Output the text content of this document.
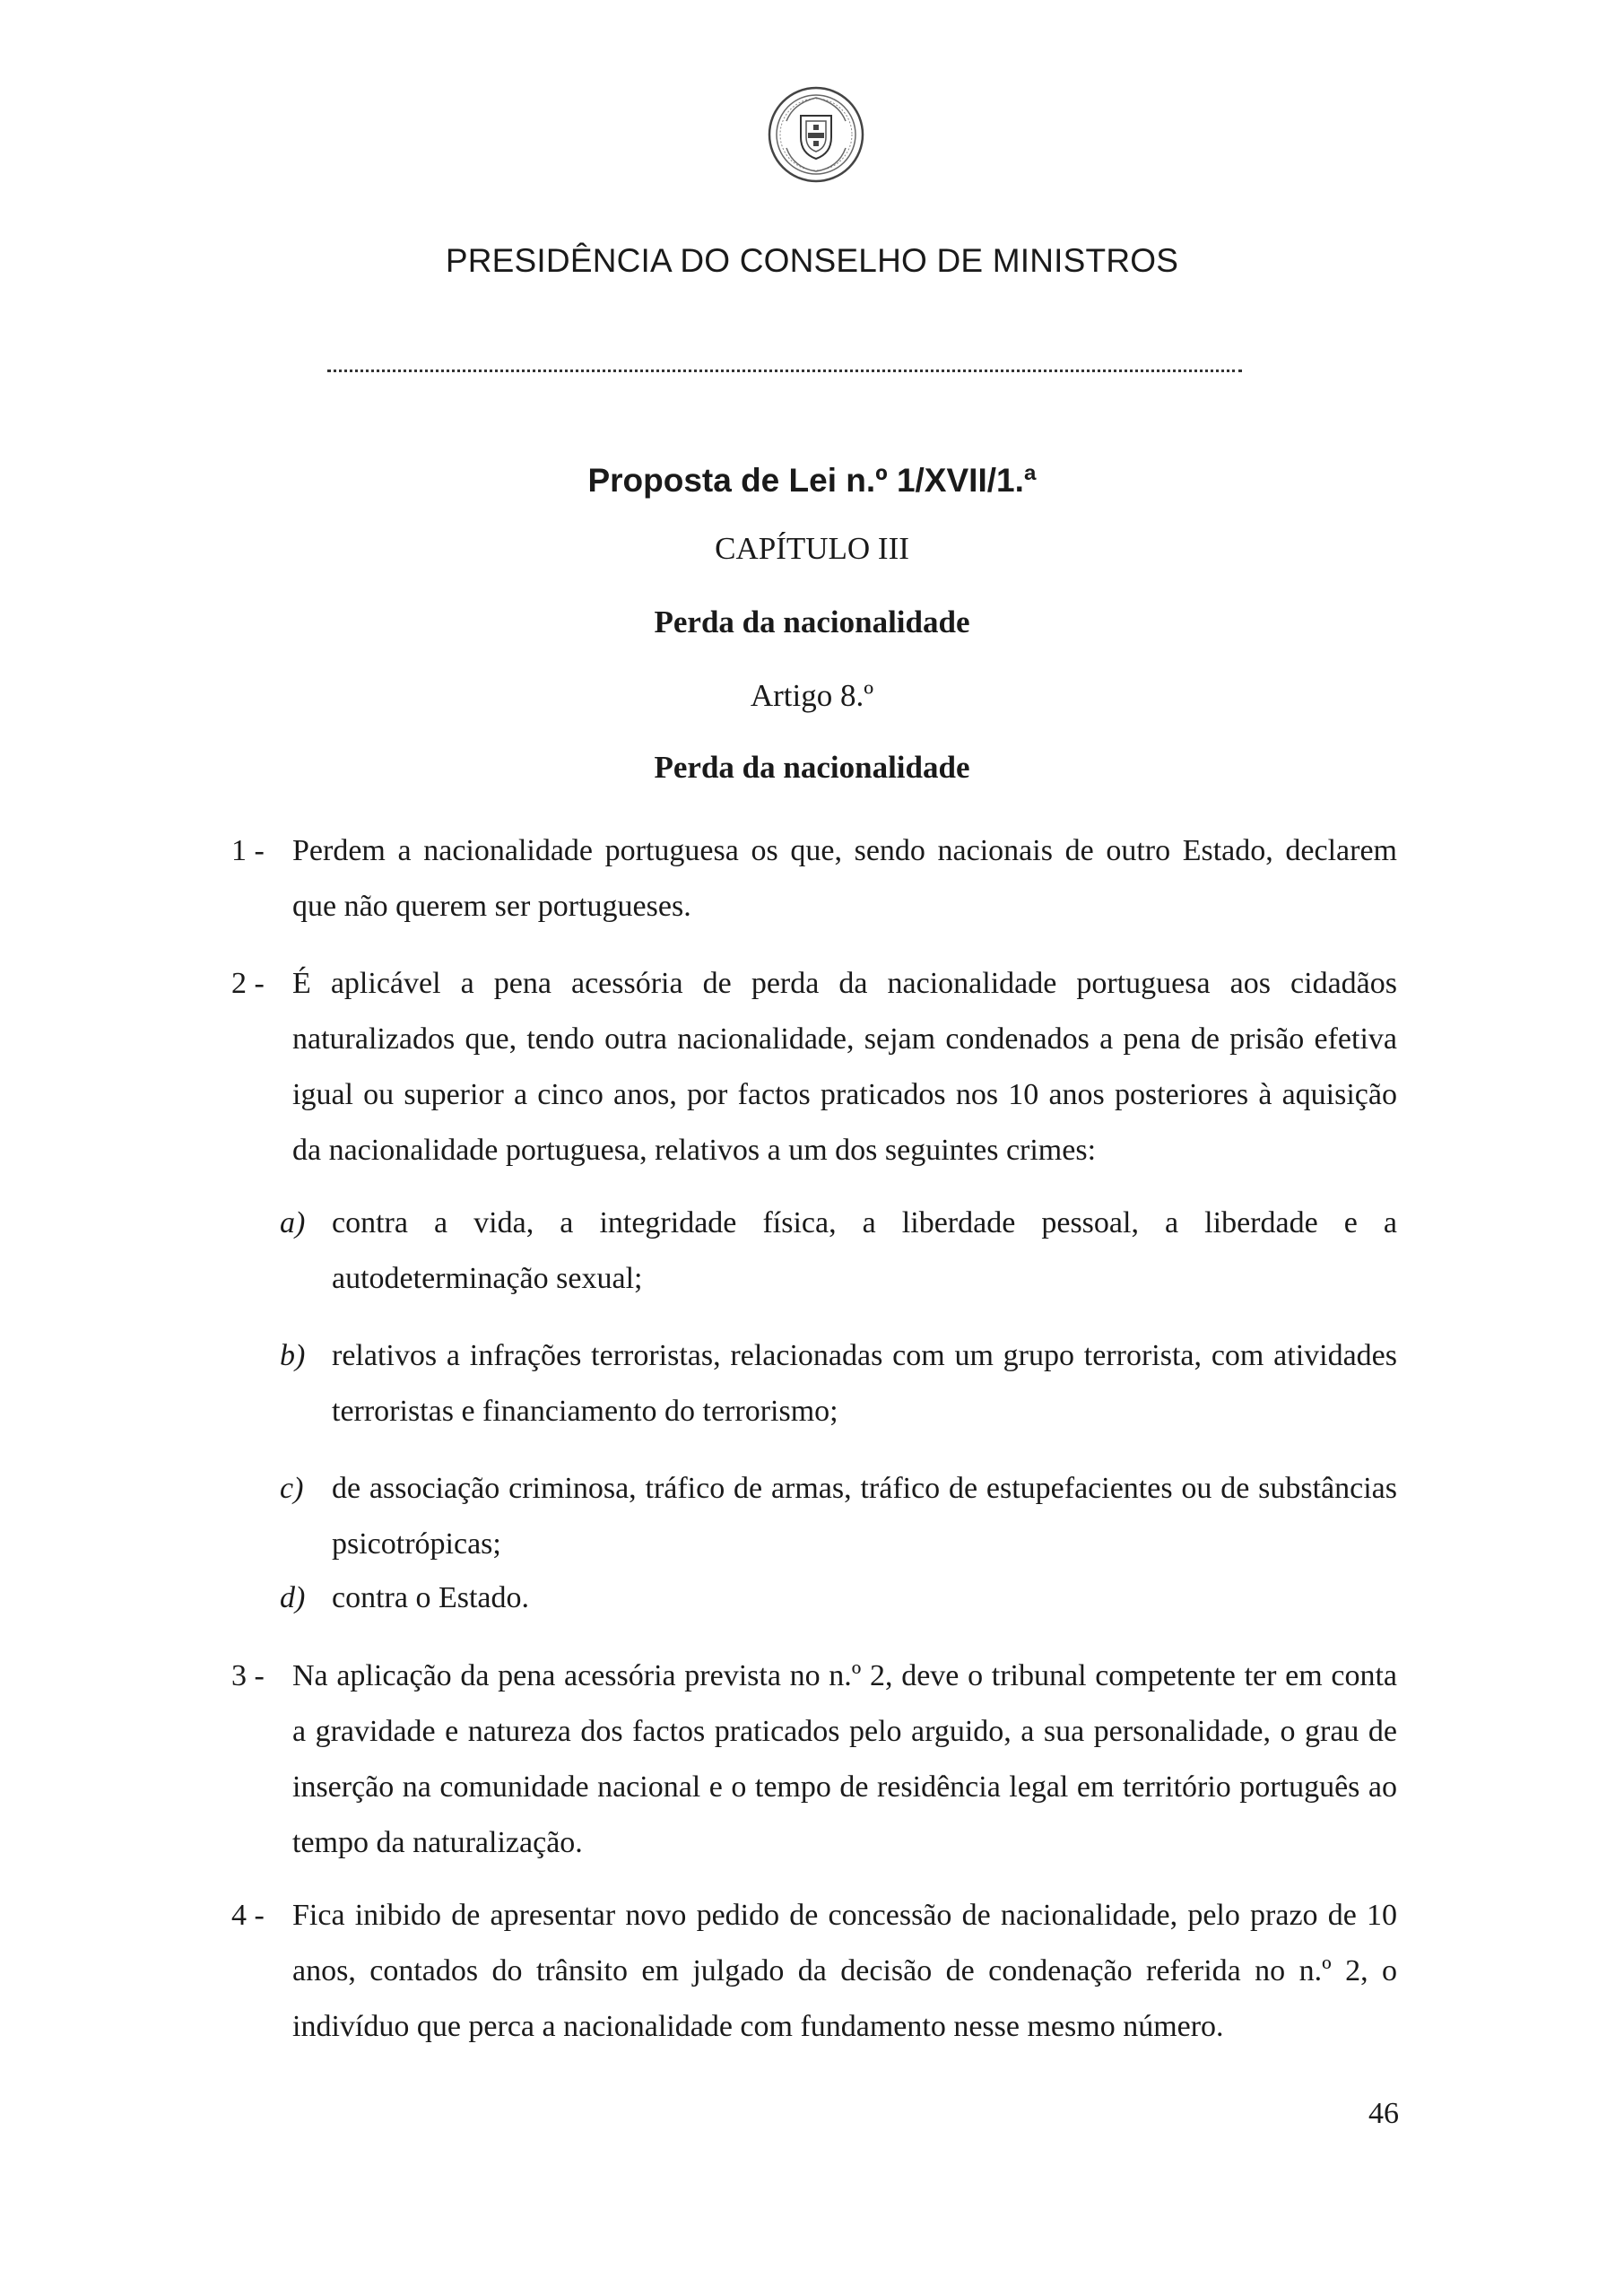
PRESIDÊNCIA DO CONSELHO DE MINISTROS
Proposta de Lei n.º 1/XVII/1.ª
CAPÍTULO III
Perda da nacionalidade
Artigo 8.º
Perda da nacionalidade
1 - Perdem a nacionalidade portuguesa os que, sendo nacionais de outro Estado, declarem que não querem ser portugueses.
2 - É aplicável a pena acessória de perda da nacionalidade portuguesa aos cidadãos naturalizados que, tendo outra nacionalidade, sejam condenados a pena de prisão efetiva igual ou superior a cinco anos, por factos praticados nos 10 anos posteriores à aquisição da nacionalidade portuguesa, relativos a um dos seguintes crimes:
a) contra a vida, a integridade física, a liberdade pessoal, a liberdade e a autodeterminação sexual;
b) relativos a infrações terroristas, relacionadas com um grupo terrorista, com atividades terroristas e financiamento do terrorismo;
c) de associação criminosa, tráfico de armas, tráfico de estupefacientes ou de substâncias psicotrópicas;
d) contra o Estado.
3 - Na aplicação da pena acessória prevista no n.º 2, deve o tribunal competente ter em conta a gravidade e natureza dos factos praticados pelo arguido, a sua personalidade, o grau de inserção na comunidade nacional e o tempo de residência legal em território português ao tempo da naturalização.
4 - Fica inibido de apresentar novo pedido de concessão de nacionalidade, pelo prazo de 10 anos, contados do trânsito em julgado da decisão de condenação referida no n.º 2, o indivíduo que perca a nacionalidade com fundamento nesse mesmo número.
46
